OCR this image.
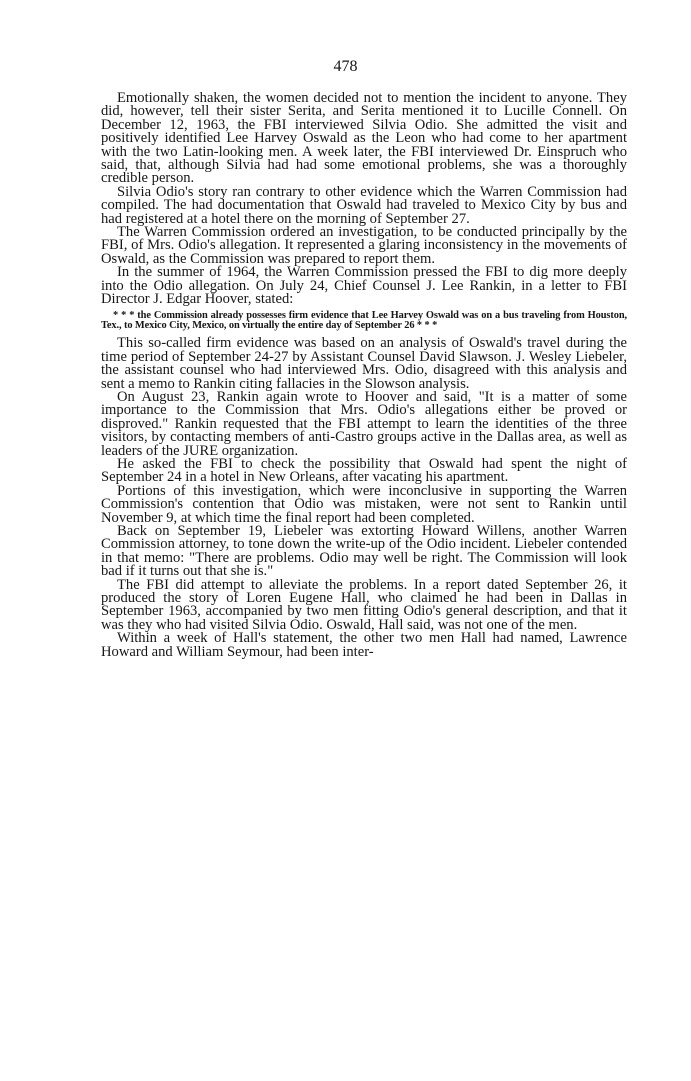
478

Emotionally shaken, the women decided not to mention the incident to anyone. They did, however, tell their sister Serita, and Serita mentioned it to Lucille Connell. On December 12, 1963, the FBI interviewed Silvia Odio. She admitted the visit and positively identified Lee Harvey Oswald as the Leon who had come to her apartment with the two Latin-looking men. A week later, the FBI interviewed Dr. Einspruch who said, that, although Silvia had had some emotional problems, she was a thoroughly credible person.

Silvia Odio's story ran contrary to other evidence which the Warren Commission had compiled. The had documentation that Oswald had traveled to Mexico City by bus and had registered at a hotel there on the morning of September 27.

The Warren Commission ordered an investigation, to be conducted principally by the FBI, of Mrs. Odio's allegation. It represented a glaring inconsistency in the movements of Oswald, as the Commission was prepared to report them.

In the summer of 1964, the Warren Commission pressed the FBI to dig more deeply into the Odio allegation. On July 24, Chief Counsel J. Lee Rankin, in a letter to FBI Director J. Edgar Hoover, stated:

* * * the Commission already possesses firm evidence that Lee Harvey Oswald was on a bus traveling from Houston, Tex., to Mexico City, Mexico, on virtually the entire day of September 26 * * *

This so-called firm evidence was based on an analysis of Oswald's travel during the time period of September 24-27 by Assistant Counsel David Slawson. J. Wesley Liebeler, the assistant counsel who had interviewed Mrs. Odio, disagreed with this analysis and sent a memo to Rankin citing fallacies in the Slowson analysis.

On August 23, Rankin again wrote to Hoover and said, "It is a matter of some importance to the Commission that Mrs. Odio's allegations either be proved or disproved." Rankin requested that the FBI attempt to learn the identities of the three visitors, by contacting members of anti-Castro groups active in the Dallas area, as well as leaders of the JURE organization.

He asked the FBI to check the possibility that Oswald had spent the night of September 24 in a hotel in New Orleans, after vacating his apartment.

Portions of this investigation, which were inconclusive in supporting the Warren Commission's contention that Odio was mistaken, were not sent to Rankin until November 9, at which time the final report had been completed.

Back on September 19, Liebeler was extorting Howard Willens, another Warren Commission attorney, to tone down the write-up of the Odio incident. Liebeler contended in that memo: "There are problems. Odio may well be right. The Commission will look bad if it turns out that she is."

The FBI did attempt to alleviate the problems. In a report dated September 26, it produced the story of Loren Eugene Hall, who claimed he had been in Dallas in September 1963, accompanied by two men fitting Odio's general description, and that it was they who had visited Silvia Odio. Oswald, Hall said, was not one of the men.

Within a week of Hall's statement, the other two men Hall had named, Lawrence Howard and William Seymour, had been inter-
